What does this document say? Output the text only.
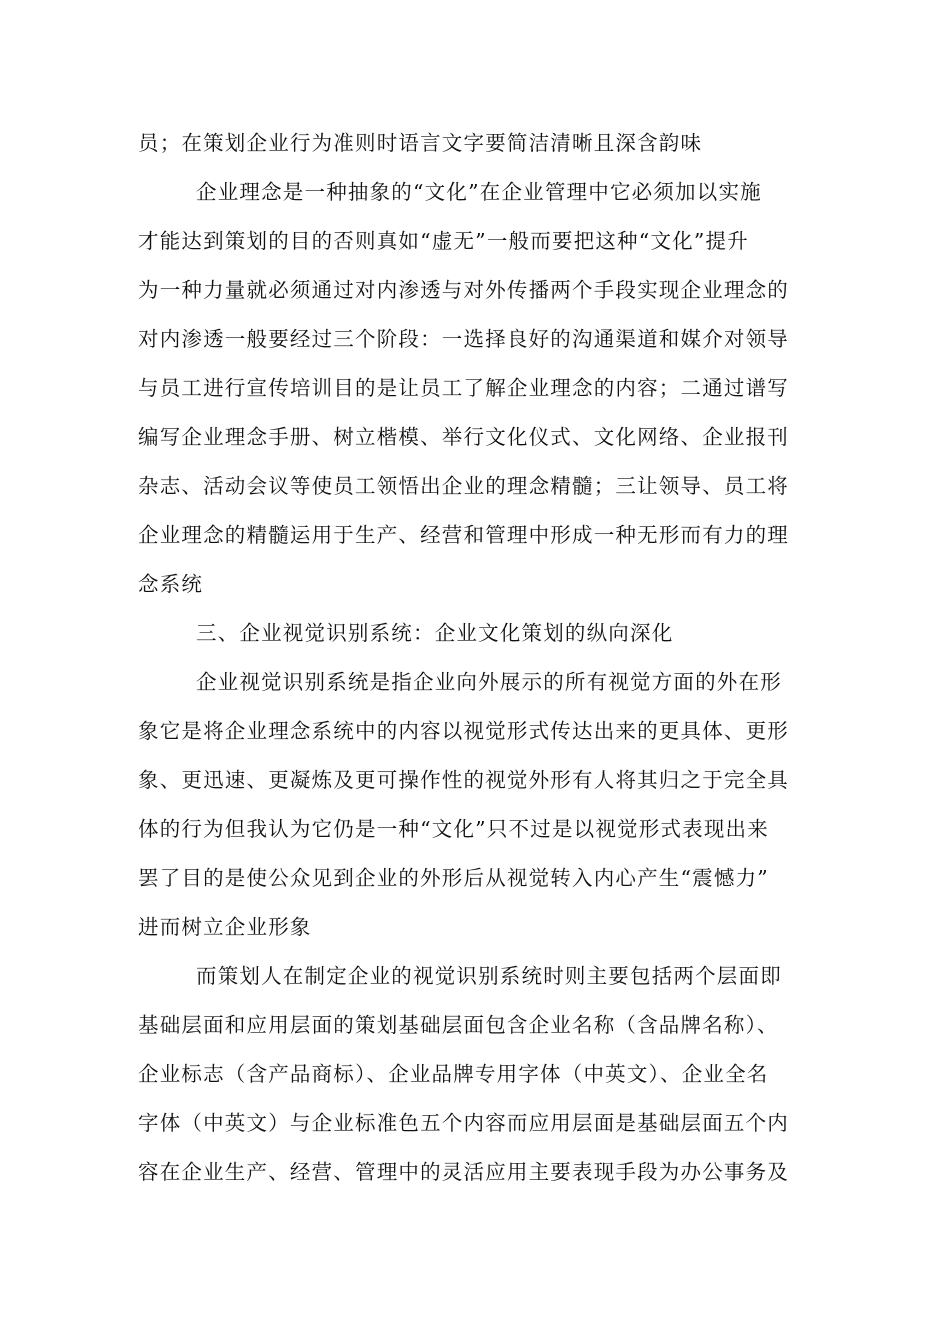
员；在策划企业行为准则时语言文字要简洁清晰且深含韵味
企业理念是一种抽象的“文化”在企业管理中它必须加以实施
才能达到策划的目的否则真如“虚无”一般而要把这种“文化”提升
为一种力量就必须通过对内渗透与对外传播两个手段实现企业理念的
对内渗透一般要经过三个阶段：一选择良好的沟通渠道和媒介对领导
与员工进行宣传培训目的是让员工了解企业理念的内容；二通过谱写
编写企业理念手册、树立楷模、举行文化仪式、文化网络、企业报刊
杂志、活动会议等使员工领悟出企业的理念精髓；三让领导、员工将
企业理念的精髓运用于生产、经营和管理中形成一种无形而有力的理
念系统
三、企业视觉识别系统：企业文化策划的纵向深化
企业视觉识别系统是指企业向外展示的所有视觉方面的外在形
象它是将企业理念系统中的内容以视觉形式传达出来的更具体、更形
象、更迅速、更凝炼及更可操作性的视觉外形有人将其归之于完全具
体的行为但我认为它仍是一种“文化”只不过是以视觉形式表现出来
罢了目的是使公众见到企业的外形后从视觉转入内心产生“震憾力”
进而树立企业形象
而策划人在制定企业的视觉识别系统时则主要包括两个层面即
基础层面和应用层面的策划基础层面包含企业名称（含品牌名称）、
企业标志（含产品商标）、企业品牌专用字体（中英文）、企业全名
字体（中英文）与企业标准色五个内容而应用层面是基础层面五个内
容在企业生产、经营、管理中的灵活应用主要表现手段为办公事务及
